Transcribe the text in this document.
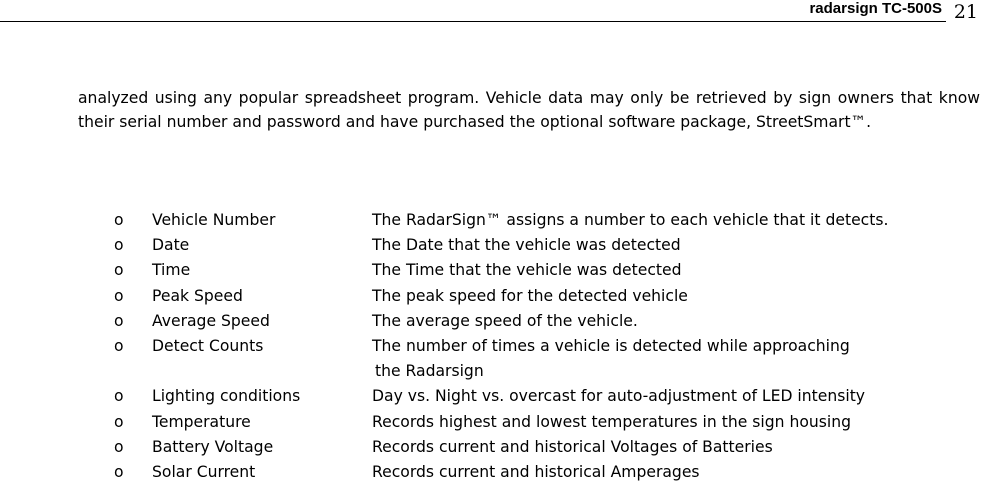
radarsign TC-500S 21

analyzed using any popular spreadsheet program. Vehicle data may only be retrieved by sign owners that know their serial number and password and have purchased the optional software package, StreetSmart™.

o Vehicle Number	The RadarSign™ assigns a number to each vehicle that it detects.
o Date	The Date that the vehicle was detected
o Time	The Time that the vehicle was detected
o Peak Speed	The peak speed for the detected vehicle
o Average Speed	The average speed of the vehicle.
o Detect Counts	The number of times a vehicle is detected while approaching
the Radarsign
o Lighting conditions	Day vs. Night vs. overcast for auto-adjustment of LED intensity
o Temperature	Records highest and lowest temperatures in the sign housing
o Battery Voltage	Records current and historical Voltages of Batteries
o Solar Current	Records current and historical Amperages
